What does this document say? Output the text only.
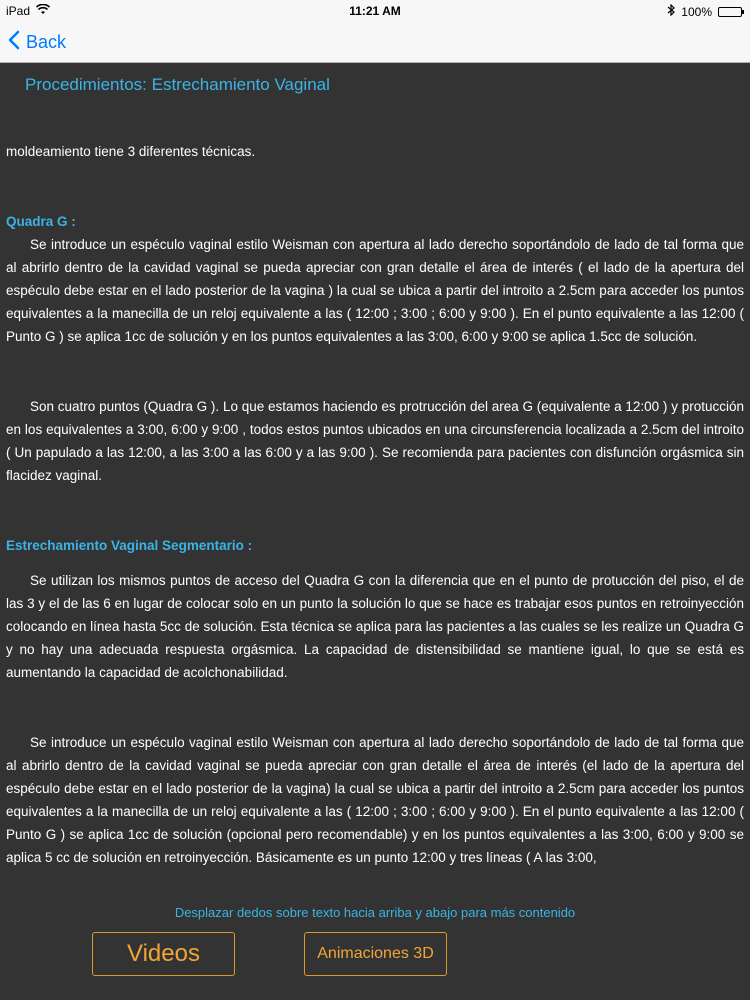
iPad	11:21 AM	100%
Back
Procedimientos: Estrechamiento Vaginal

moldeamiento tiene 3 diferentes técnicas.

Quadra G :

Se introduce un espéculo vaginal estilo Weisman con apertura al lado derecho soportándolo de lado de tal forma que al abrirlo dentro de la cavidad vaginal se pueda apreciar con gran detalle el área de interés ( el lado de la apertura del espéculo debe estar en el lado posterior de la vagina ) la cual se ubica a partir del introito a 2.5cm para acceder los puntos equivalentes a la manecilla de un reloj equivalente a las ( 12:00 ; 3:00 ; 6:00 y 9:00 ). En el punto equivalente a las 12:00 ( Punto G ) se aplica 1cc de solución y en los puntos equivalentes a las 3:00, 6:00 y 9:00 se aplica 1.5cc de solución.

Son cuatro puntos (Quadra G ). Lo que estamos haciendo es protrucción del area G (equivalente a 12:00 ) y protucción en los equivalentes a 3:00, 6:00 y 9:00 , todos estos puntos ubicados en una circunsferencia localizada a 2.5cm del introito ( Un papulado a las 12:00, a las 3:00 a las 6:00 y a las 9:00 ). Se recomienda para pacientes con disfunción orgásmica sin flacidez vaginal.

Estrechamiento Vaginal Segmentario :

Se utilizan los mismos puntos de acceso del Quadra G con la diferencia que en el punto de protucción del piso, el de las 3 y el de las 6 en lugar de colocar solo en un punto la solución lo que se hace es trabajar esos puntos en retroinyección colocando en línea hasta 5cc de solución. Esta técnica se aplica para las pacientes a las cuales se les realize un Quadra G y no hay una adecuada respuesta orgásmica. La capacidad de distensibilidad se mantiene igual, lo que se está es aumentando la capacidad de acolchonabilidad.

Se introduce un espéculo vaginal estilo Weisman con apertura al lado derecho soportándolo de lado de tal forma que al abrirlo dentro de la cavidad vaginal se pueda apreciar con gran detalle el área de interés (el lado de la apertura del espéculo debe estar en el lado posterior de la vagina) la cual se ubica a partir del introito a 2.5cm para acceder los puntos equivalentes a la manecilla de un reloj equivalente a las ( 12:00 ; 3:00 ; 6:00 y 9:00 ). En el punto equivalente a las 12:00 ( Punto G ) se aplica 1cc de solución (opcional pero recomendable) y en los puntos equivalentes a las 3:00, 6:00 y 9:00 se aplica 5 cc de solución en retroinyección. Básicamente es un punto 12:00 y tres líneas ( A las 3:00,

Desplazar dedos sobre texto hacia arriba y abajo para más contenido
Videos	Animaciones 3D
